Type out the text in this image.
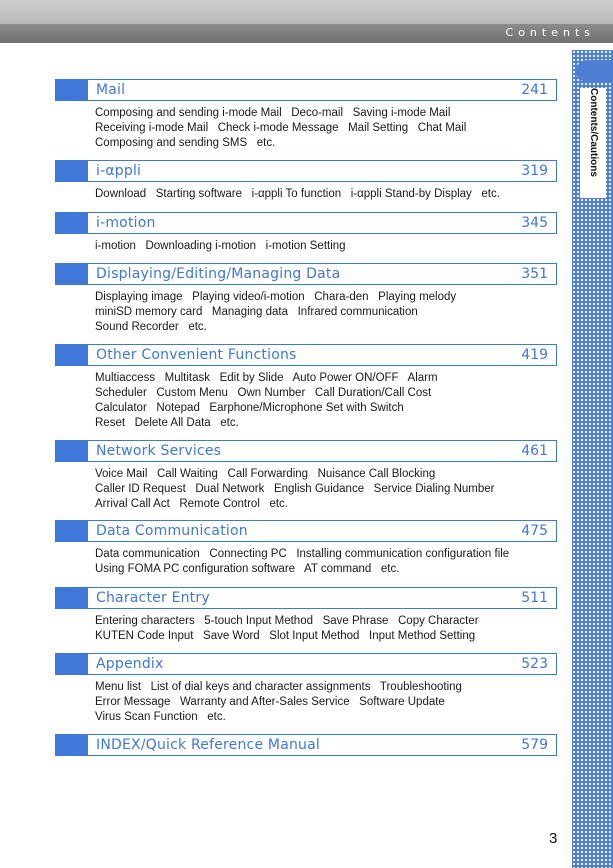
Contents
Contents/Cautions
Mail	241
Composing and sending i-mode Mail   Deco-mail   Saving i-mode Mail
Receiving i-mode Mail   Check i-mode Message   Mail Setting   Chat Mail
Composing and sending SMS   etc.
i-αppli	319
Download   Starting software   i-αppli To function   i-αppli Stand-by Display   etc.
i-motion	345
i-motion   Downloading i-motion   i-motion Setting
Displaying/Editing/Managing Data	351
Displaying image   Playing video/i-motion   Chara-den   Playing melody
miniSD memory card   Managing data   Infrared communication
Sound Recorder   etc.
Other Convenient Functions	419
Multiaccess   Multitask   Edit by Slide   Auto Power ON/OFF   Alarm
Scheduler   Custom Menu   Own Number   Call Duration/Call Cost
Calculator   Notepad   Earphone/Microphone Set with Switch
Reset   Delete All Data   etc.
Network Services	461
Voice Mail   Call Waiting   Call Forwarding   Nuisance Call Blocking
Caller ID Request   Dual Network   English Guidance   Service Dialing Number
Arrival Call Act   Remote Control   etc.
Data Communication	475
Data communication   Connecting PC   Installing communication configuration file
Using FOMA PC configuration software   AT command   etc.
Character Entry	511
Entering characters   5-touch Input Method   Save Phrase   Copy Character
KUTEN Code Input   Save Word   Slot Input Method   Input Method Setting
Appendix	523
Menu list   List of dial keys and character assignments   Troubleshooting
Error Message   Warranty and After-Sales Service   Software Update
Virus Scan Function   etc.
INDEX/Quick Reference Manual	579
3
